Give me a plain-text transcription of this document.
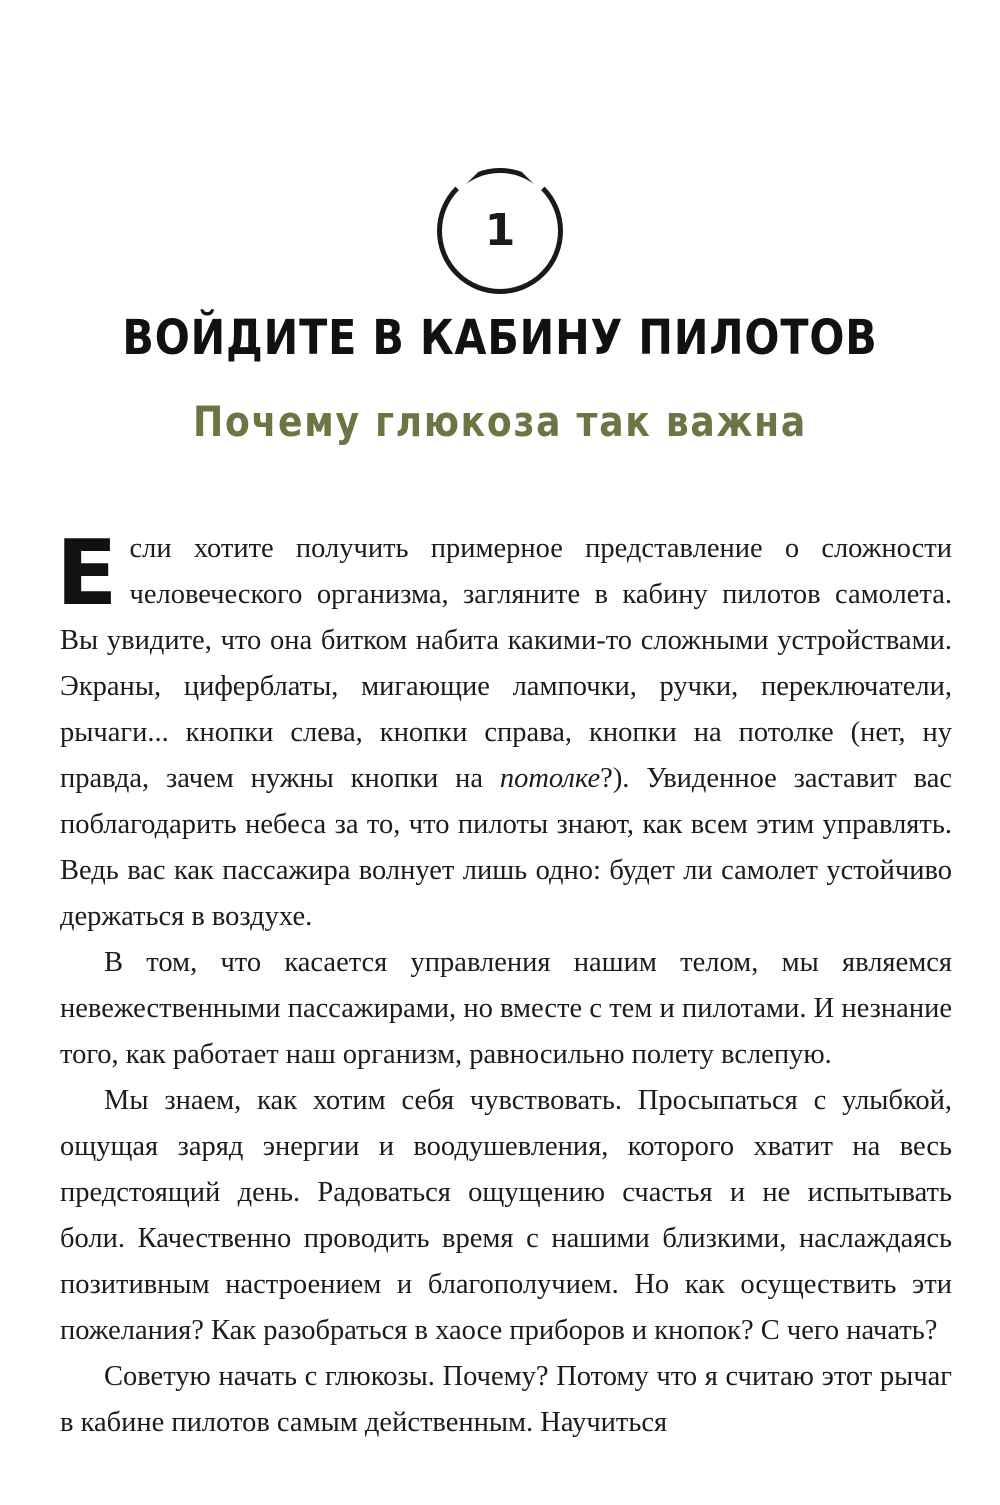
1
ВОЙДИТЕ В КАБИНУ ПИЛОТОВ
Почему глюкоза так важна

Если хотите получить примерное представление о сложности человеческого организма, загляните в кабину пилотов самолета. Вы увидите, что она битком набита какими-то сложными устройствами. Экраны, циферблаты, мигающие лампочки, ручки, переключатели, рычаги... кнопки слева, кнопки справа, кнопки на потолке (нет, ну правда, зачем нужны кнопки на потолке?). Увиденное заставит вас поблагодарить небеса за то, что пилоты знают, как всем этим управлять. Ведь вас как пассажира волнует лишь одно: будет ли самолет устойчиво держаться в воздухе.

В том, что касается управления нашим телом, мы являемся невежественными пассажирами, но вместе с тем и пилотами. И незнание того, как работает наш организм, равносильно полету вслепую.

Мы знаем, как хотим себя чувствовать. Просыпаться с улыбкой, ощущая заряд энергии и воодушевления, которого хватит на весь предстоящий день. Радоваться ощущению счастья и не испытывать боли. Качественно проводить время с нашими близкими, наслаждаясь позитивным настроением и благополучием. Но как осуществить эти пожелания? Как разобраться в хаосе приборов и кнопок? С чего начать?

Советую начать с глюкозы. Почему? Потому что я считаю этот рычаг в кабине пилотов самым действенным. Научиться
